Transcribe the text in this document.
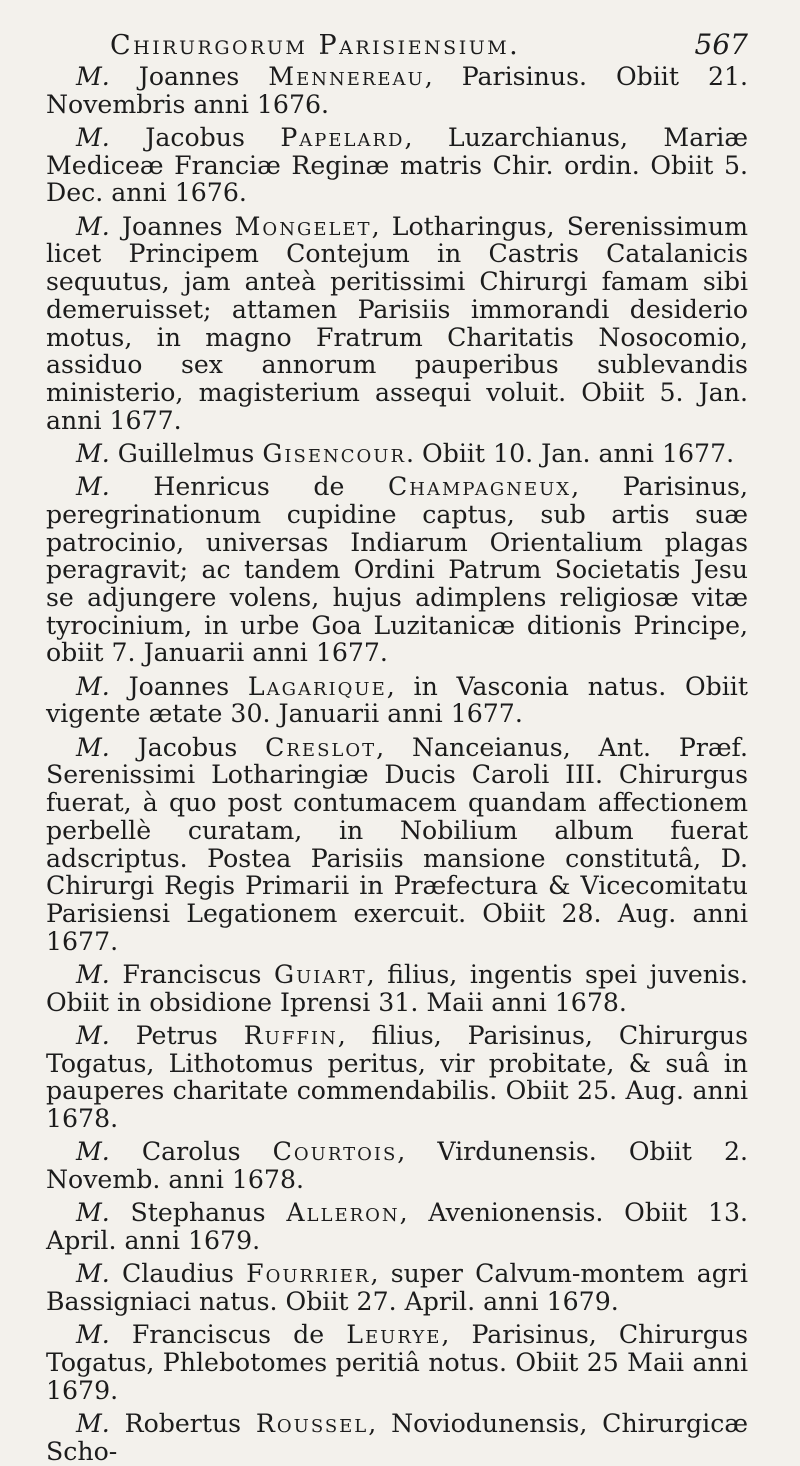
Chirurgorum Parisiensium.	567

M. Joannes Mennereau, Parisinus. Obiit 21. Novembris anni 1676.

M. Jacobus Papelard, Luzarchianus, Mariæ Mediceæ Franciæ Reginæ matris Chir. ordin. Obiit 5. Dec. anni 1676.

M. Joannes Mongelet, Lotharingus, Serenissimum licet Principem Contejum in Castris Catalanicis sequutus, jam anteà peritissimi Chirurgi famam sibi demeruisset; attamen Parisiis immorandi desiderio motus, in magno Fratrum Charitatis Nosocomio, assiduo sex annorum pauperibus sublevandis ministerio, magisterium assequi voluit. Obiit 5. Jan. anni 1677.

M. Guillelmus Gisencour. Obiit 10. Jan. anni 1677.

M. Henricus de Champagneux, Parisinus, peregrinationum cupidine captus, sub artis suæ patrocinio, universas Indiarum Orientalium plagas peragravit; ac tandem Ordini Patrum Societatis Jesu se adjungere volens, hujus adimplens religiosæ vitæ tyrocinium, in urbe Goa Luzitanicæ ditionis Principe, obiit 7. Januarii anni 1677.

M. Joannes Lagarique, in Vasconia natus. Obiit vigente ætate 30. Januarii anni 1677.

M. Jacobus Creslot, Nanceianus, Ant. Præf. Serenissimi Lotharingiæ Ducis Caroli III. Chirurgus fuerat, à quo post contumacem quandam affectionem perbellè curatam, in Nobilium album fuerat adscriptus. Postea Parisiis mansione constitutâ, D. Chirurgi Regis Primarii in Præfectura & Vicecomitatu Parisiensi Legationem exercuit. Obiit 28. Aug. anni 1677.

M. Franciscus Guiart, filius, ingentis spei juvenis. Obiit in obsidione Iprensi 31. Maii anni 1678.

M. Petrus Ruffin, filius, Parisinus, Chirurgus Togatus, Lithotomus peritus, vir probitate, & suâ in pauperes charitate commendabilis. Obiit 25. Aug. anni 1678.

M. Carolus Courtois, Virdunensis. Obiit 2. Novemb. anni 1678.

M. Stephanus Alleron, Avenionensis. Obiit 13. April. anni 1679.

M. Claudius Fourrier, super Calvum-montem agri Bassigniaci natus. Obiit 27. April. anni 1679.

M. Franciscus de Leurye, Parisinus, Chirurgus Togatus, Phlebotomes peritiâ notus. Obiit 25 Maii anni 1679.

M. Robertus Roussel, Noviodunensis, Chirurgicæ Scho-
